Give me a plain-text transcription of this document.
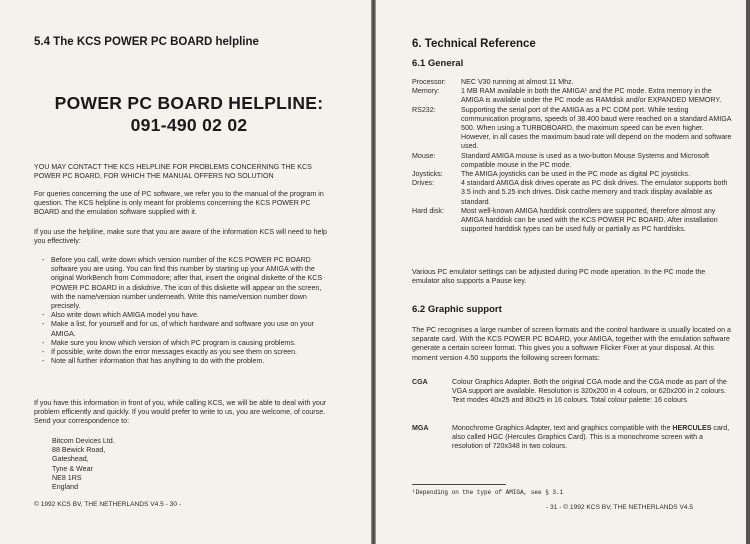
5.4 The KCS POWER PC BOARD helpline
POWER PC BOARD HELPLINE:
091-490 02 02
YOU MAY CONTACT THE KCS HELPLINE FOR PROBLEMS CONCERNING THE KCS POWER PC BOARD, FOR WHICH THE MANUAL OFFERS NO SOLUTION
For queries concerning the use of PC software, we refer you to the manual of the program in question. The KCS helpline is only meant for problems concerning the KCS POWER PC BOARD and the emulation software supplied with it.
If you use the helpline, make sure that you are aware of the information KCS will need to help you effectively:
- Before you call, write down which version number of the KCS POWER PC BOARD software you are using. You can find this number by starting up your AMIGA with the original WorkBench from Commodore; after that, insert the original diskette of the KCS POWER PC BOARD in a diskdrive. The icon of this diskette will appear on the screen, with the name/version number underneath. Write this name/version number down precisely.
- Also write down which AMIGA model you have.
- Make a list, for yourself and for us, of which hardware and software you use on your AMIGA.
- Make sure you know which version of which PC program is causing problems.
- If possible, write down the error messages exactly as you see them on screen.
- Note all further information that has anything to do with the problem.
If you have this information in front of you, while calling KCS, we will be able to deal with your problem efficiently and quickly. If you would prefer to write to us, you are welcome, of course. Send your correspondence to:
Bitcom Devices Ltd.
88 Bewick Road,
Gateshead,
Tyne & Wear
NE8 1RS
England
© 1992 KCS BV, THE NETHERLANDS V4.5 - 30 -
6. Technical Reference
6.1 General
Processor:	NEC V30 running at almost 11 Mhz.
Memory:	1 MB RAM available in both the AMIGA¹ and the PC mode. Extra memory in the AMIGA is available under the PC mode as RAMdisk and/or EXPANDED MEMORY.
RS232:	Supporting the serial port of the AMIGA as a PC COM port. While testing communication programs, speeds of 38.400 baud were reached on a standard AMIGA 500. When using a TURBOBOARD, the maximum speed can be even higher. However, in all cases the maximum baud rate will depend on the modem and software used.
Mouse:	Standard AMIGA mouse is used as a two-button Mouse Systems and Microsoft compatible mouse in the PC mode.
Joysticks:	The AMIGA joysticks can be used in the PC mode as digital PC joysticks.
Drives:	4 standard AMIGA disk drives operate as PC disk drives. The emulator supports both 3.5 inch and 5.25 inch drives. Disk cache memory and track display available as standard.
Hard disk:	Most well-known AMIGA harddisk controllers are supported, therefore almost any AMIGA harddisk can be used with the KCS POWER PC BOARD. After installation supported harddisk types can be used fully or partially as PC harddisks.
Various PC emulator settings can be adjusted during PC mode operation. In the PC mode the emulator also supports a Pause key.
6.2 Graphic support
The PC recognises a large number of screen formats and the control hardware is usually located on a separate card. With the KCS POWER PC BOARD, your AMIGA, together with the emulation software generate a certain screen format. This gives you a software Flicker Fixer at your disposal. At this moment version 4.50 supports the following screen formats:
CGA	Colour Graphics Adapter. Both the original CGA mode and the CGA mode as part of the VGA support are available. Resolution is 320x200 in 4 colours, or 620x200 in 2 colours. Text modes 40x25 and 80x25 in 16 colours. Total colour palette: 16 colours
MGA	Monochrome Graphics Adapter, text and graphics compatible with the HERCULES card, also called HGC (Hercules Graphics Card). This is a monochrome screen with a resolution of 720x348 in two colours.
¹Depending on the type of AMIGA, see § 3.1
- 31 - © 1992 KCS BV, THE NETHERLANDS V4.5
